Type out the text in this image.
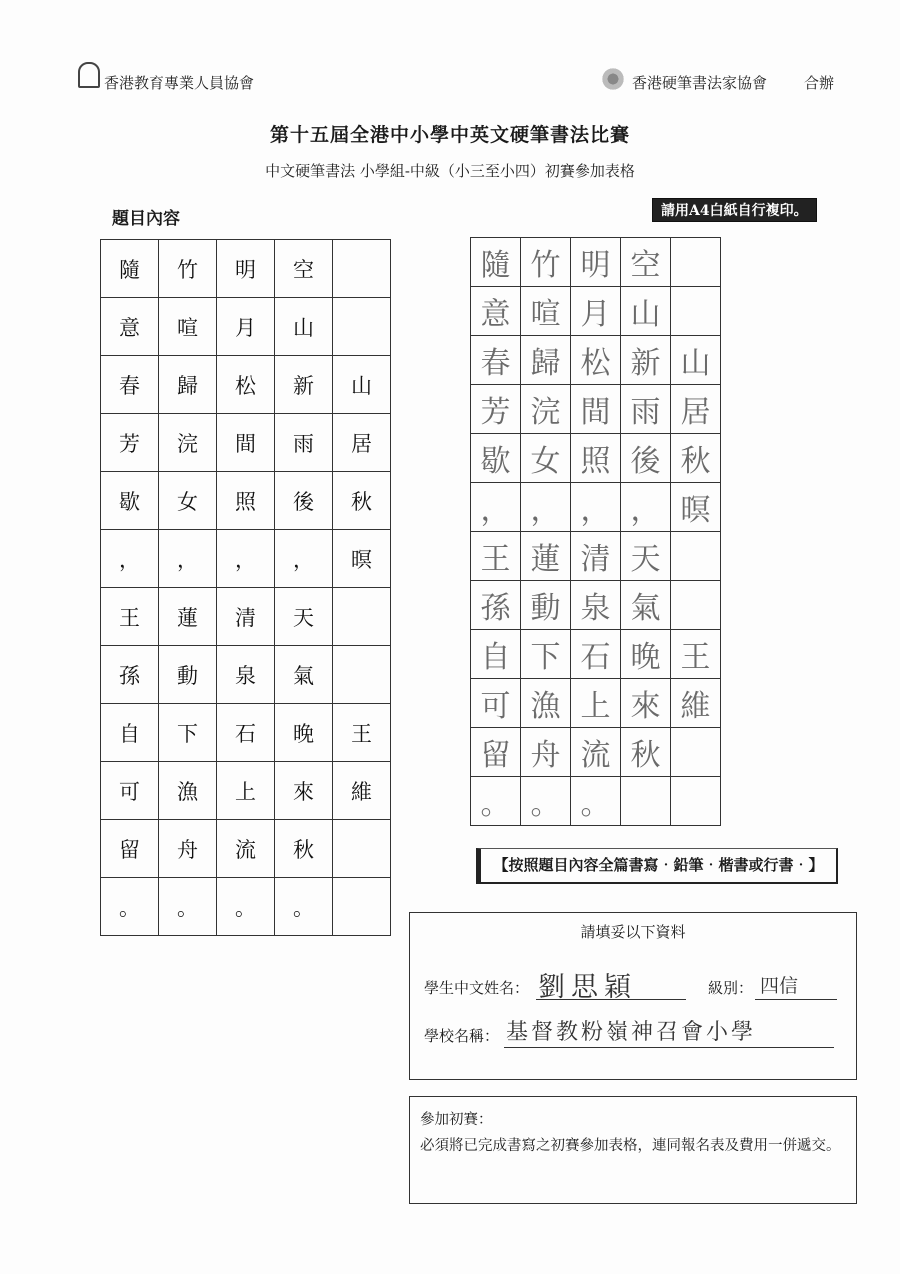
香港教育專業人員協會	香港硬筆書法家協會 合辦
第十五屆全港中小學中英文硬筆書法比賽
中文硬筆書法 小學組-中級（小三至小四）初賽參加表格
題目內容	請用A4白紙自行複印。
隨	竹	明	空	
意	喧	月	山	
春	歸	松	新	山
芳	浣	間	雨	居
歇	女	照	後	秋
，	，	，	，	暝
王	蓮	清	天	
孫	動	泉	氣	
自	下	石	晚	王
可	漁	上	來	維
留	舟	流	秋	
。	。	。	。	
隨	竹	明	空	
意	喧	月	山	
春	歸	松	新	山
芳	浣	間	雨	居
歇	女	照	後	秋
，	，	，	，	暝
王	蓮	清	天	
孫	動	泉	氣	
自	下	石	晚	王
可	漁	上	來	維
留	舟	流	秋	
。	。	。		
【按照題目內容全篇書寫‧鉛筆‧楷書或行書‧】
請填妥以下資料
學生中文姓名： 劉思穎	級別： 四信
學校名稱： 基督教粉嶺神召會小學
參加初賽：
必須將已完成書寫之初賽參加表格，連同報名表及費用一併遞交。
